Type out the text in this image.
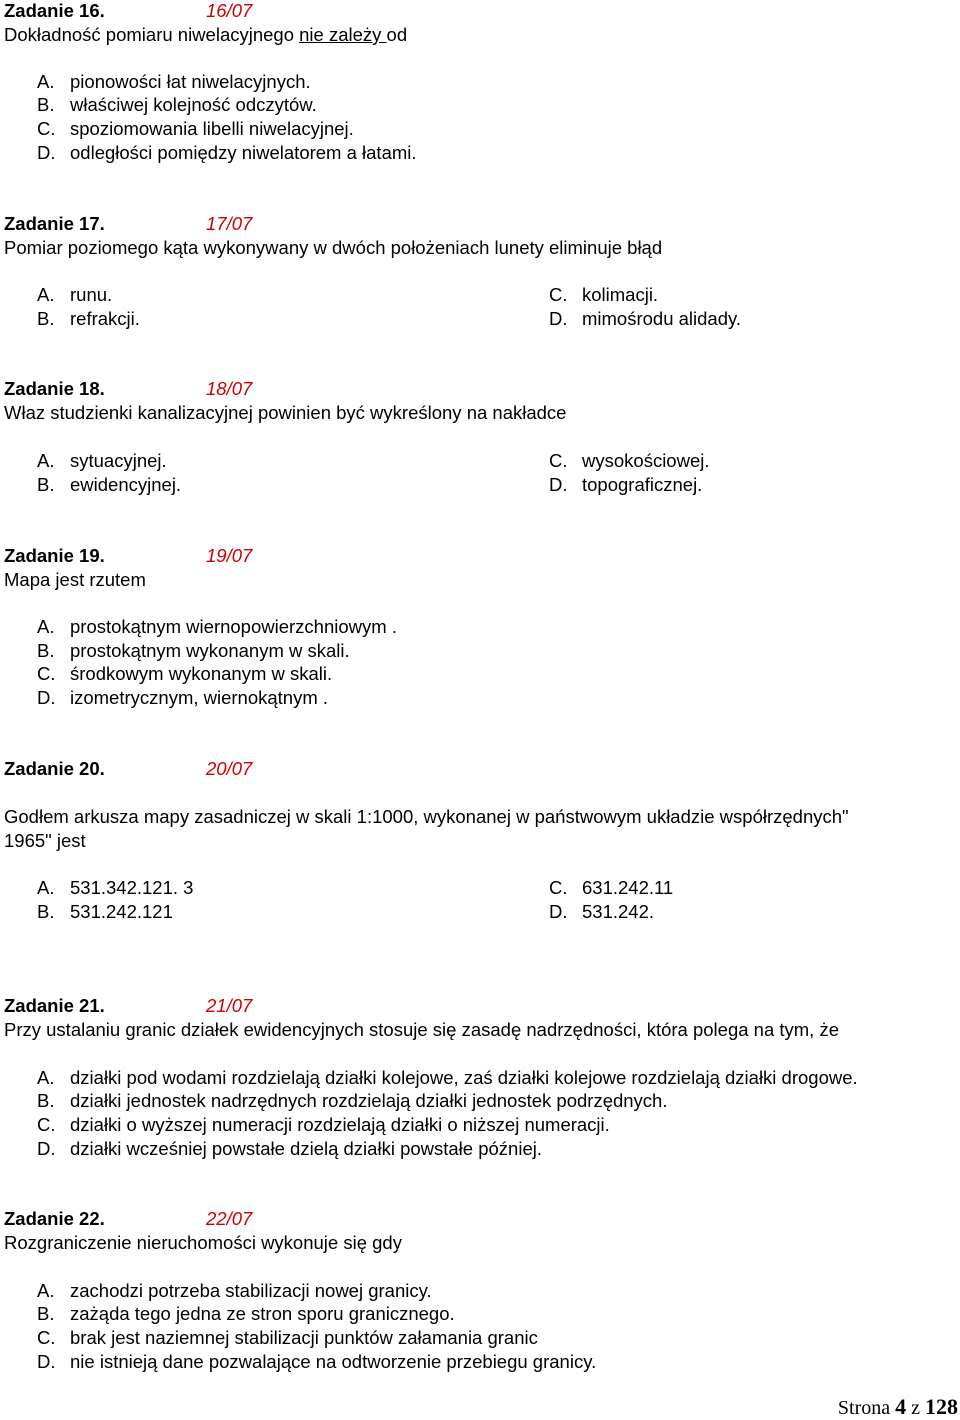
Zadanie 16.	16/07
Dokładność pomiaru niwelacyjnego nie zależy od
A. pionowości łat niwelacyjnych.
B. właściwej kolejność odczytów.
C. spoziomowania libelli niwelacyjnej.
D. odległości pomiędzy niwelatorem a łatami.
Zadanie 17.	17/07
Pomiar poziomego kąta wykonywany w dwóch położeniach lunety eliminuje błąd
A. runu.
B. refrakcji.
C. kolimacji.
D. mimośrodu alidady.
Zadanie 18.	18/07
Właz studzienki kanalizacyjnej powinien być wykreślony na nakładce
A. sytuacyjnej.
B. ewidencyjnej.
C. wysokościowej.
D. topograficznej.
Zadanie 19.	19/07
Mapa jest rzutem
A. prostokątnym wiernopowierzchniowym .
B. prostokątnym wykonanym w skali.
C. środkowym wykonanym w skali.
D. izometrycznym, wiernokątnym .
Zadanie 20.	20/07
Godłem arkusza mapy zasadniczej w skali 1:1000, wykonanej w państwowym układzie współrzędnych"
1965" jest
A. 531.342.121. 3
B. 531.242.121
C. 631.242.11
D. 531.242.
Zadanie 21.	21/07
Przy ustalaniu granic działek ewidencyjnych stosuje się zasadę nadrzędności, która polega na tym, że
A. działki pod wodami rozdzielają działki kolejowe, zaś działki kolejowe rozdzielają działki drogowe.
B. działki jednostek nadrzędnych rozdzielają działki jednostek podrzędnych.
C. działki o wyższej numeracji rozdzielają działki o niższej numeracji.
D. działki wcześniej powstałe dzielą działki powstałe później.
Zadanie 22.	22/07
Rozgraniczenie nieruchomości wykonuje się gdy
A. zachodzi potrzeba stabilizacji nowej granicy.
B. zażąda tego jedna ze stron sporu granicznego.
C. brak jest naziemnej stabilizacji punktów załamania granic
D. nie istnieją dane pozwalające na odtworzenie przebiegu granicy.
Strona 4 z 128
